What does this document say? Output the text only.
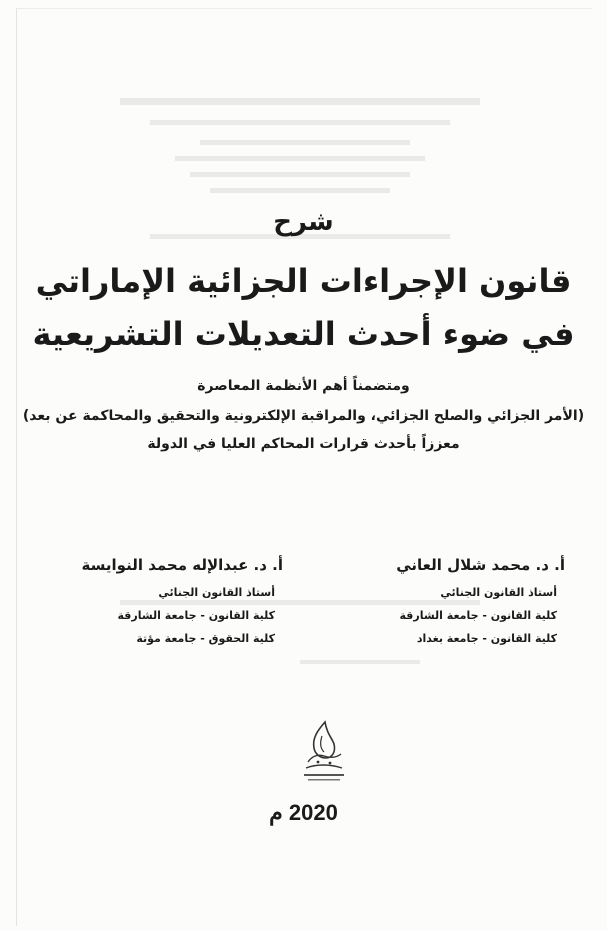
شرح
قانون الإجراءات الجزائية الإماراتي
في ضوء أحدث التعديلات التشريعية
ومتضمناً أهم الأنظمة المعاصرة
(الأمر الجزائي والصلح الجزائي، والمراقبة الإلكترونية والتحقيق والمحاكمة عن بعد)
معززاً بأحدث قرارات المحاكم العليا في الدولة
أ. د. محمد شلال العاني
أستاذ القانون الجنائي
كلية القانون - جامعة الشارقة
كلية القانون - جامعة بغداد
أ. د. عبدالإله محمد النوايسة
أستاذ القانون الجنائي
كلية القانون - جامعة الشارقة
كلية الحقوق - جامعة مؤتة
2020 م
